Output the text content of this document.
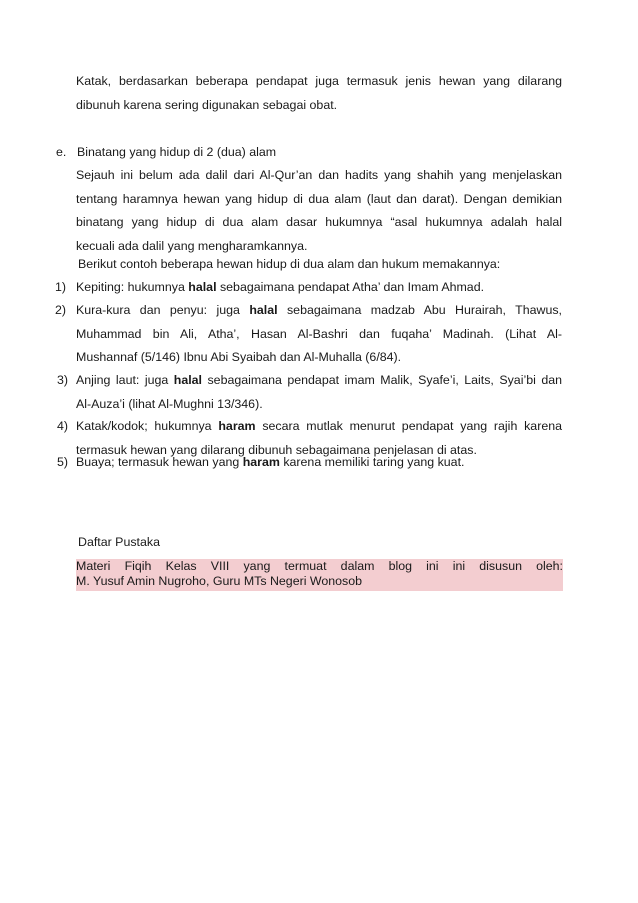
Katak, berdasarkan beberapa pendapat juga termasuk jenis hewan yang dilarang
dibunuh karena sering digunakan sebagai obat.
e. Binatang yang hidup di 2 (dua) alam
Sejauh ini belum ada dalil dari Al-Qur’an dan hadits yang shahih yang menjelaskan
tentang haramnya hewan yang hidup di dua alam (laut dan darat). Dengan demikian
binatang yang hidup di dua alam dasar hukumnya “asal hukumnya adalah halal
kecuali ada dalil yang mengharamkannya.
Berikut contoh beberapa hewan hidup di dua alam dan hukum memakannya:
1) Kepiting: hukumnya halal sebagaimana pendapat Atha’ dan Imam Ahmad.
2) Kura-kura dan penyu: juga halal sebagaimana madzab Abu Hurairah, Thawus,
Muhammad bin Ali, Atha’, Hasan Al-Bashri dan fuqaha’ Madinah. (Lihat Al-
Mushannaf (5/146) Ibnu Abi Syaibah dan Al-Muhalla (6/84).
3) Anjing laut: juga halal sebagaimana pendapat imam Malik, Syafe’i, Laits, Syai’bi dan
Al-Auza’i (lihat Al-Mughni 13/346).
4) Katak/kodok; hukumnya haram secara mutlak menurut pendapat yang rajih karena
termasuk hewan yang dilarang dibunuh sebagaimana penjelasan di atas.
5) Buaya; termasuk hewan yang haram karena memiliki taring yang kuat.
Daftar Pustaka
Materi Fiqih Kelas VIII yang termuat dalam blog ini ini disusun oleh:
M. Yusuf Amin Nugroho, Guru MTs Negeri Wonosob
